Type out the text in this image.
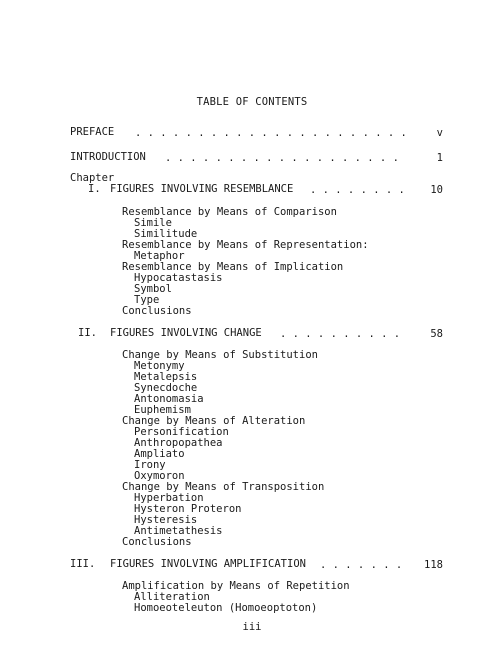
TABLE OF CONTENTS
PREFACE . . . . . . . . . . . . . . . . . . . . . .	v
INTRODUCTION . . . . . . . . . . . . . . . . . . .	1
Chapter
I. FIGURES INVOLVING RESEMBLANCE . . . . . . . .	10
Resemblance by Means of Comparison
Simile
Similitude
Resemblance by Means of Representation:
Metaphor
Resemblance by Means of Implication
Hypocatastasis
Symbol
Type
Conclusions
II. FIGURES INVOLVING CHANGE . . . . . . . . . .	58
Change by Means of Substitution
Metonymy
Metalepsis
Synecdoche
Antonomasia
Euphemism
Change by Means of Alteration
Personification
Anthropopathea
Ampliato
Irony
Oxymoron
Change by Means of Transposition
Hyperbation
Hysteron Proteron
Hysteresis
Antimetathesis
Conclusions
III. FIGURES INVOLVING AMPLIFICATION . . . . . . .	118
Amplification by Means of Repetition
Alliteration
Homoeoteleuton (Homoeoptoton)
iii
